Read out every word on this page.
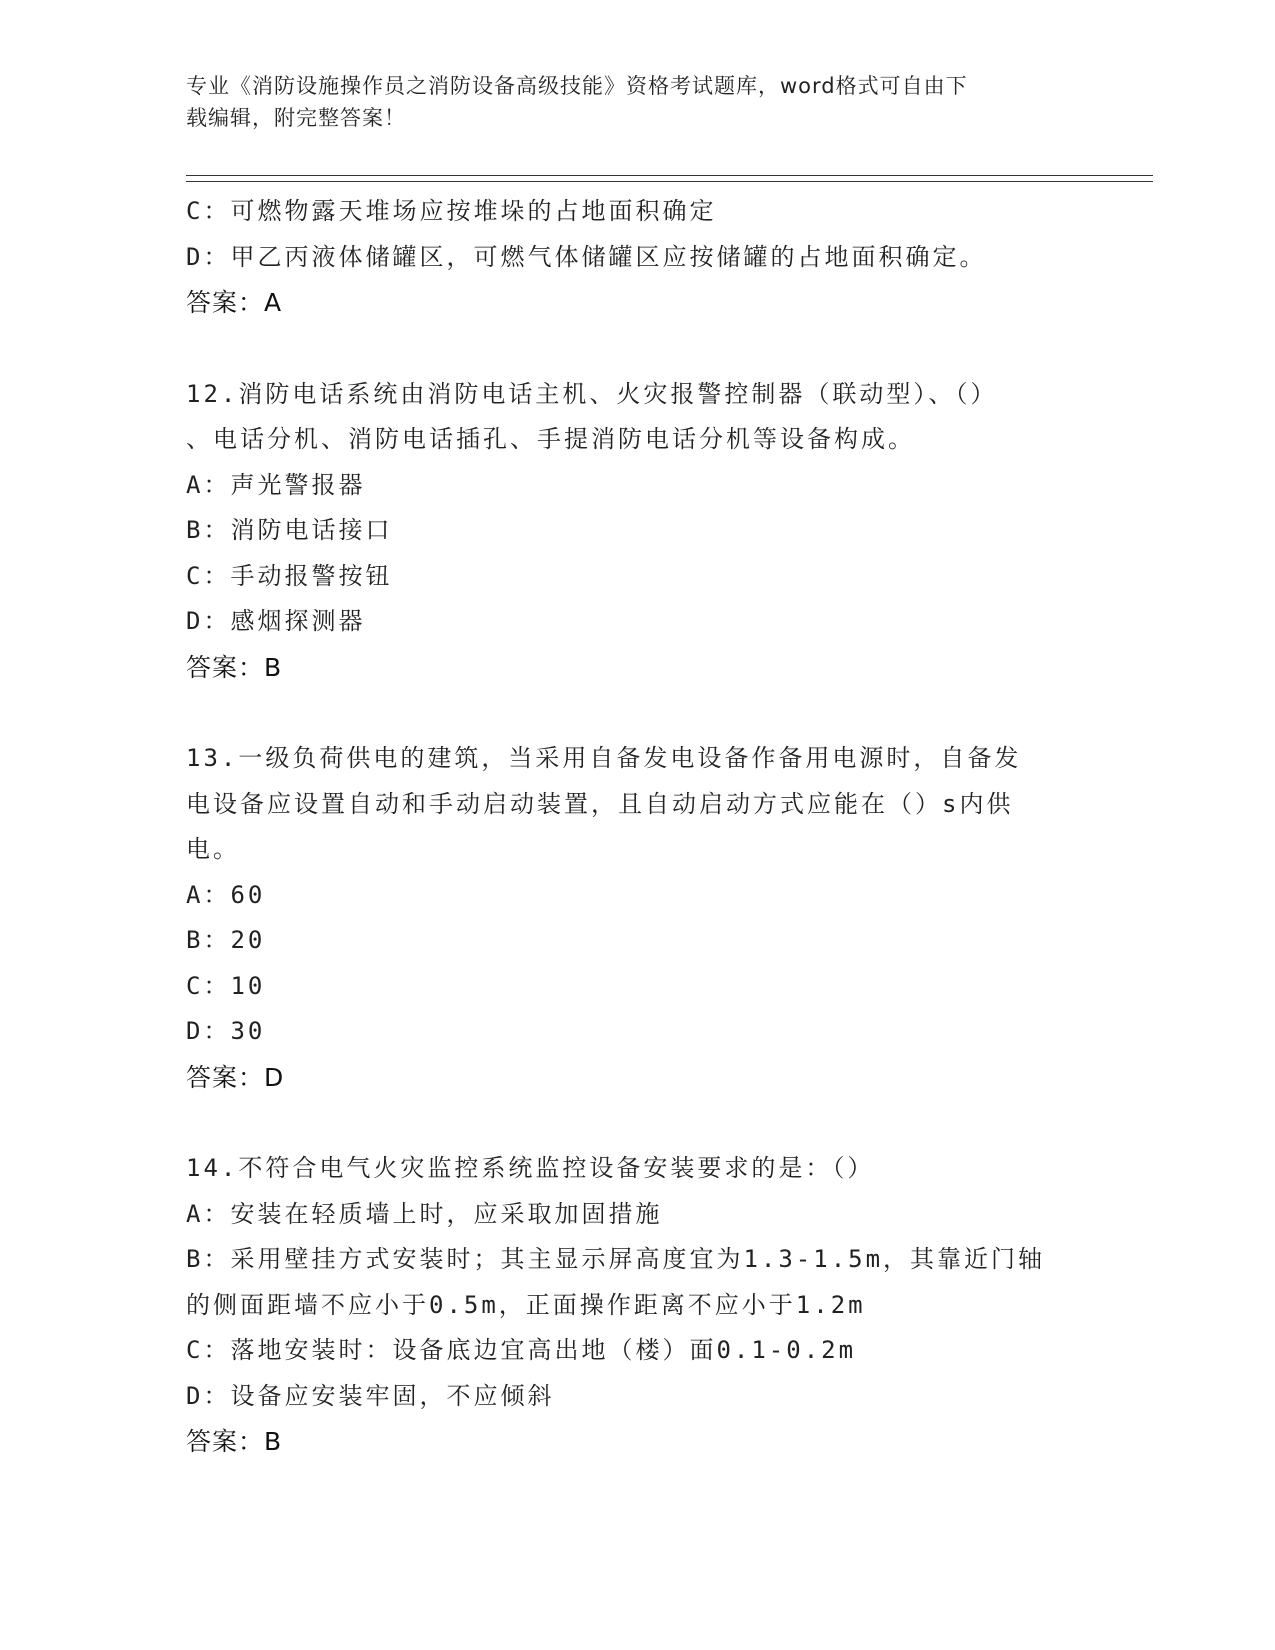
专业《消防设施操作员之消防设备高级技能》资格考试题库，word格式可自由下
载编辑，附完整答案！
C：可燃物露天堆场应按堆垛的占地面积确定
D：甲乙丙液体储罐区，可燃气体储罐区应按储罐的占地面积确定。
答案：A
12.消防电话系统由消防电话主机、火灾报警控制器（联动型）、（）
、电话分机、消防电话插孔、手提消防电话分机等设备构成。
A：声光警报器
B：消防电话接口
C：手动报警按钮
D：感烟探测器
答案：B
13.一级负荷供电的建筑，当采用自备发电设备作备用电源时，自备发
电设备应设置自动和手动启动装置，且自动启动方式应能在（）s内供
电。
A：60
B：20
C：10
D：30
答案：D
14.不符合电气火灾监控系统监控设备安装要求的是：（）
A：安装在轻质墙上时，应采取加固措施
B：采用壁挂方式安装时；其主显示屏高度宜为1.3-1.5m，其靠近门轴
的侧面距墙不应小于0.5m，正面操作距离不应小于1.2m
C：落地安装时：设备底边宜高出地（楼）面0.1-0.2m
D：设备应安装牢固，不应倾斜
答案：B
